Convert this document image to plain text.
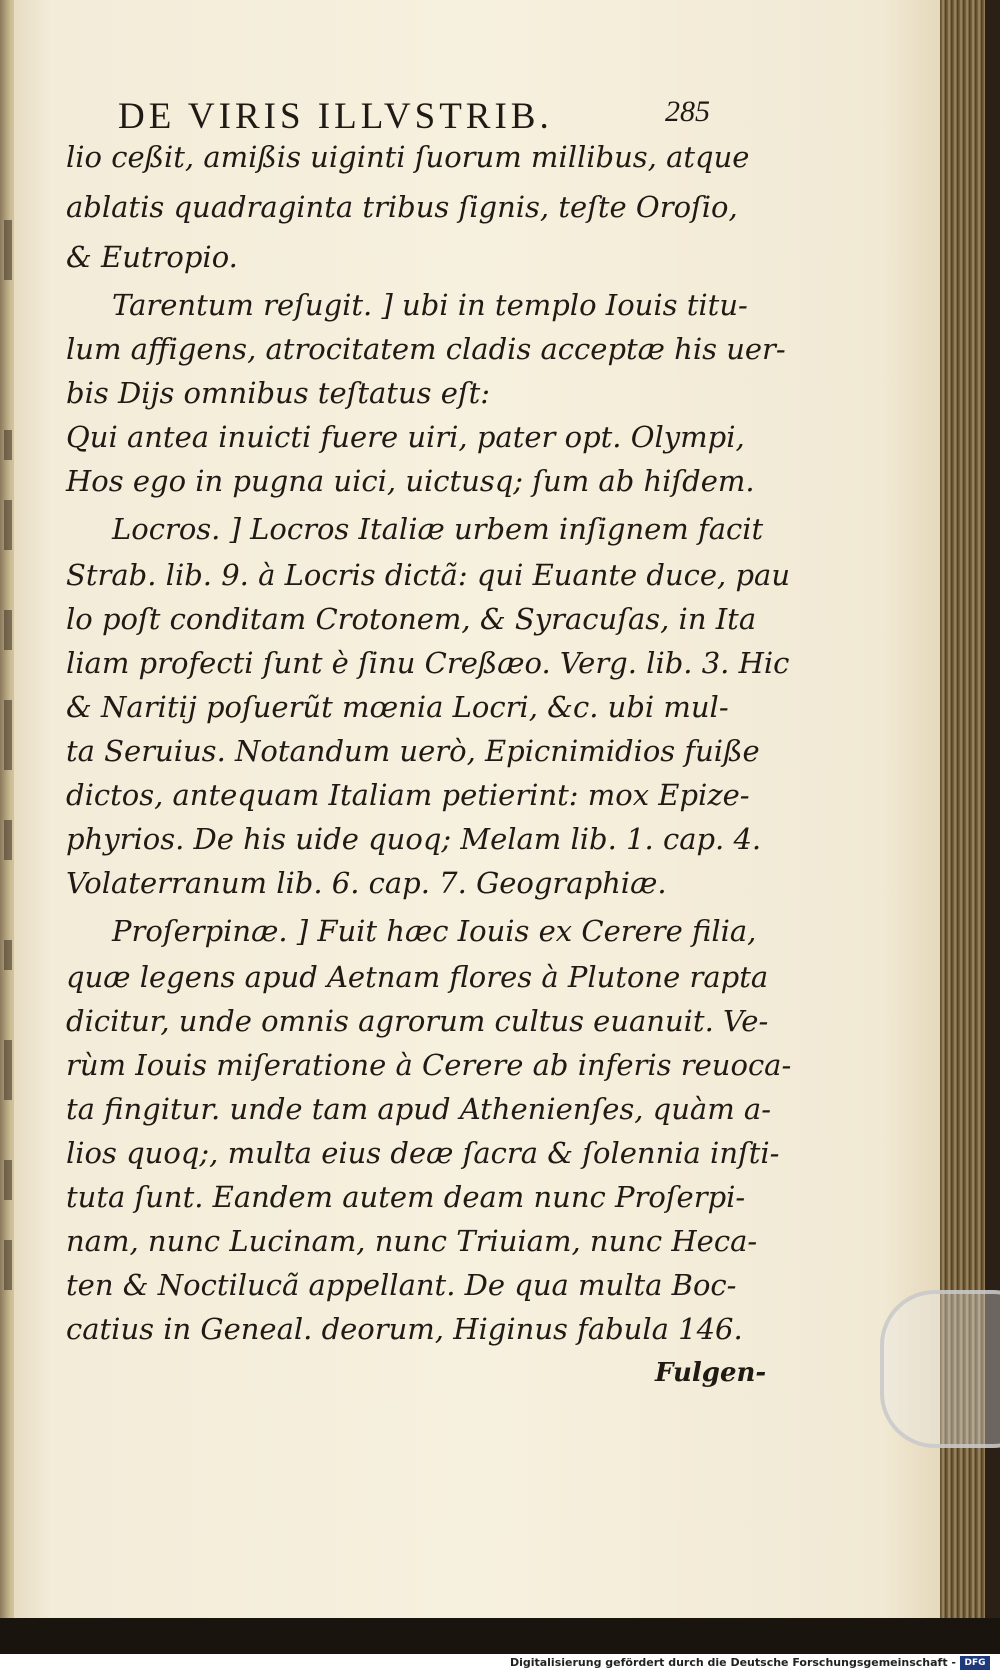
DE VIRIS ILLVSTRIB.	285
lio ceßit, amißis uiginti ſuorum millibus, atque
ablatis quadraginta tribus ſignis, teſte Oroſio,
& Eutropio.
Tarentum reſugit. ] ubi in templo Iouis titu-
lum affigens, atrocitatem cladis acceptæ his uer-
bis Dijs omnibus teſtatus eſt:
Qui antea inuicti fuere uiri, pater opt. Olympi,
Hos ego in pugna uici, uictusq; ſum ab hiſdem.
Locros. ] Locros Italiæ urbem inſignem facit
Strab. lib. 9. à Locris dictã: qui Euante duce, pau
lo poſt conditam Crotonem, & Syracuſas, in Ita
liam profecti ſunt è ſinu Creßæo. Verg. lib. 3. Hic
& Naritij poſuerũt mœnia Locri, &c. ubi mul-
ta Seruius. Notandum uerò, Epicnimidios fuiße
dictos, antequam Italiam petierint: mox Epize-
phyrios. De his uide quoq; Melam lib. 1. cap. 4.
Volaterranum lib. 6. cap. 7. Geographiæ.
Proſerpinæ. ] Fuit hæc Iouis ex Cerere filia,
quæ legens apud Aetnam flores à Plutone rapta
dicitur, unde omnis agrorum cultus euanuit. Ve-
rùm Iouis miſeratione à Cerere ab inferis reuoca-
ta fingitur. unde tam apud Athenienſes, quàm a-
lios quoq;, multa eius deæ ſacra & ſolennia inſti-
tuta ſunt. Eandem autem deam nunc Proſerpi-
nam, nunc Lucinam, nunc Triuiam, nunc Heca-
ten & Noctilucã appellant. De qua multa Boc-
catius in Geneal. deorum, Higinus fabula 146.
Fulgen-
Digitalisierung gefördert durch die Deutsche Forschungsgemeinschaft - DFG
